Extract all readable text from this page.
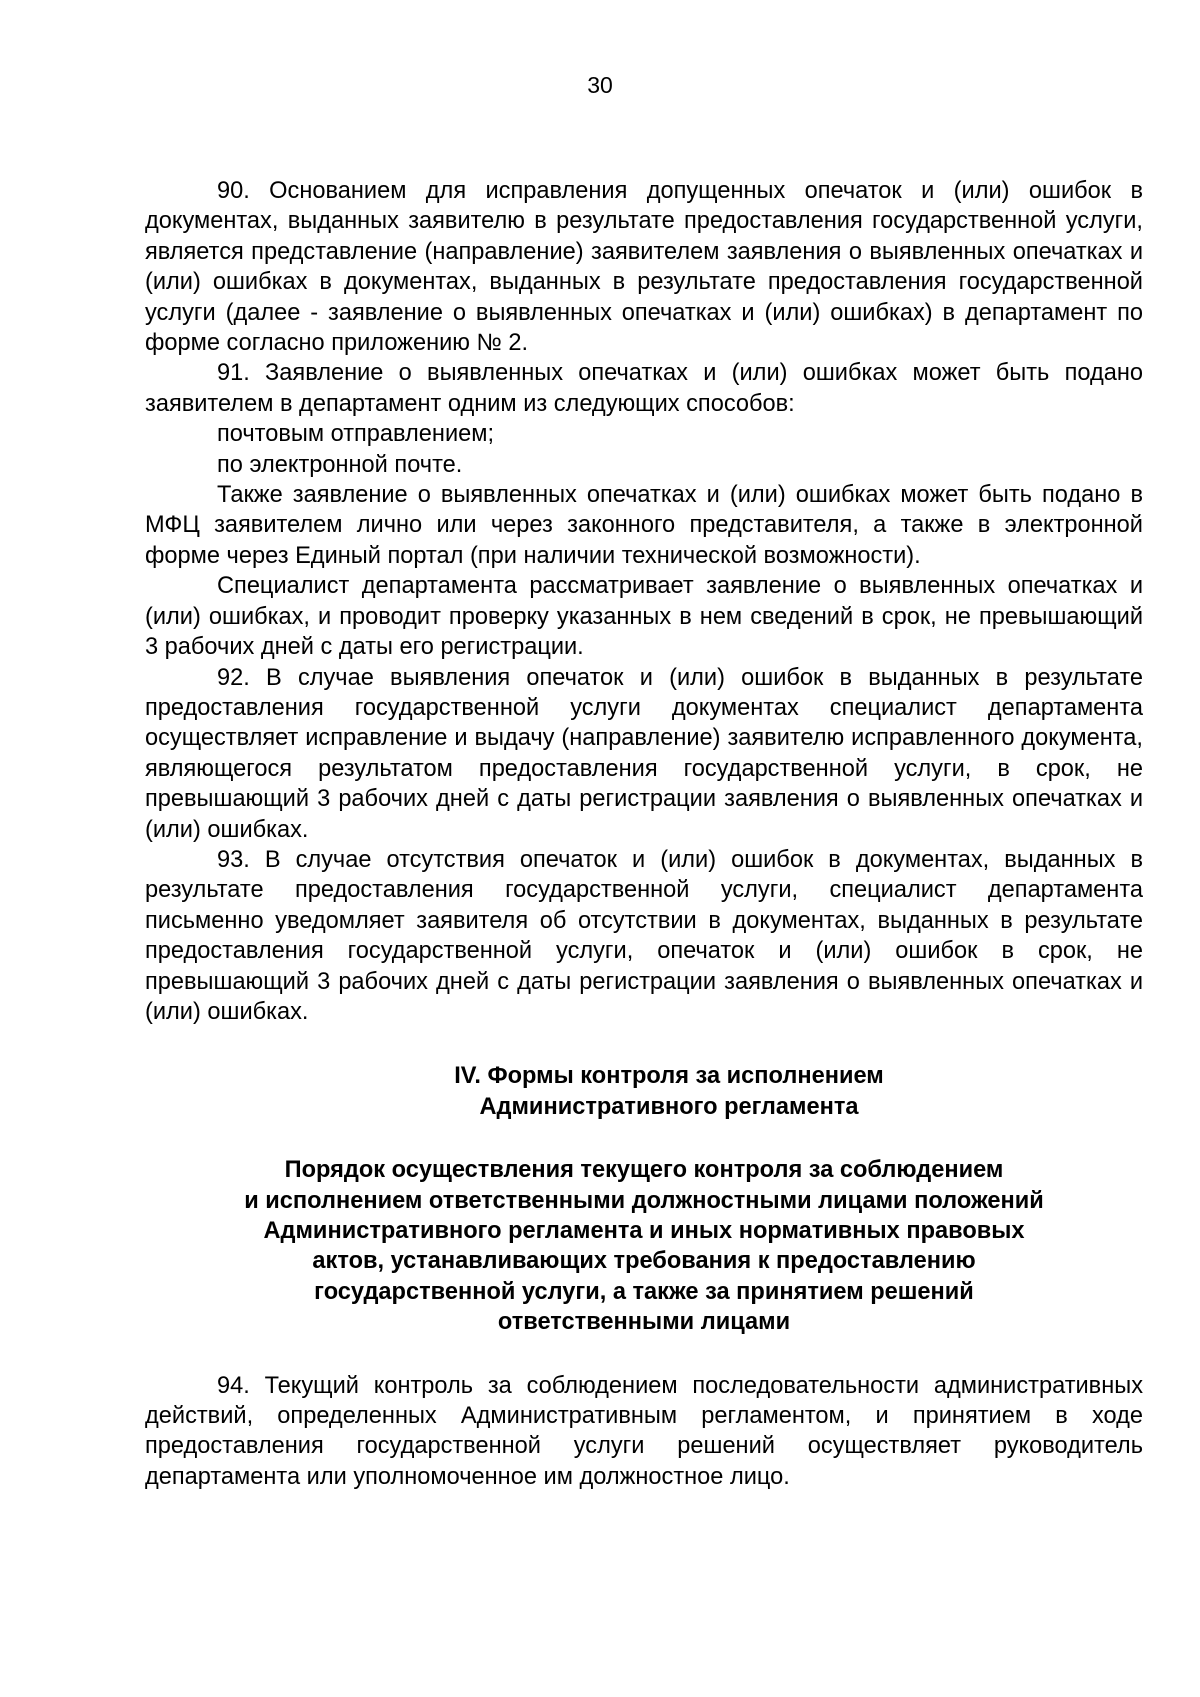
30

90. Основанием для исправления допущенных опечаток и (или) ошибок в документах, выданных заявителю в результате предоставления государственной услуги, является представление (направление) заявителем заявления о выявленных опечатках и (или) ошибках в документах, выданных в результате предоставления государственной услуги (далее - заявление о выявленных опечатках и (или) ошибках) в департамент по форме согласно приложению № 2.

91. Заявление о выявленных опечатках и (или) ошибках может быть подано заявителем в департамент одним из следующих способов:

почтовым отправлением;

по электронной почте.

Также заявление о выявленных опечатках и (или) ошибках может быть подано в МФЦ заявителем лично или через законного представителя, а также в электронной форме через Единый портал (при наличии технической возможности).

Специалист департамента рассматривает заявление о выявленных опечатках и (или) ошибках, и проводит проверку указанных в нем сведений в срок, не превышающий 3 рабочих дней с даты его регистрации.

92. В случае выявления опечаток и (или) ошибок в выданных в результате предоставления государственной услуги документах специалист департамента осуществляет исправление и выдачу (направление) заявителю исправленного документа, являющегося результатом предоставления государственной услуги, в срок, не превышающий 3 рабочих дней с даты регистрации заявления о выявленных опечатках и (или) ошибках.

93. В случае отсутствия опечаток и (или) ошибок в документах, выданных в результате предоставления государственной услуги, специалист департамента письменно уведомляет заявителя об отсутствии в документах, выданных в результате предоставления государственной услуги, опечаток и (или) ошибок в срок, не превышающий 3 рабочих дней с даты регистрации заявления о выявленных опечатках и (или) ошибках.

IV. Формы контроля за исполнением

Административного регламента

Порядок осуществления текущего контроля за соблюдением

и исполнением ответственными должностными лицами положений

Административного регламента и иных нормативных правовых

актов, устанавливающих требования к предоставлению

государственной услуги, а также за принятием решений

ответственными лицами

94. Текущий контроль за соблюдением последовательности административных действий, определенных Административным регламентом, и принятием в ходе предоставления государственной услуги решений осуществляет руководитель департамента или уполномоченное им должностное лицо.
